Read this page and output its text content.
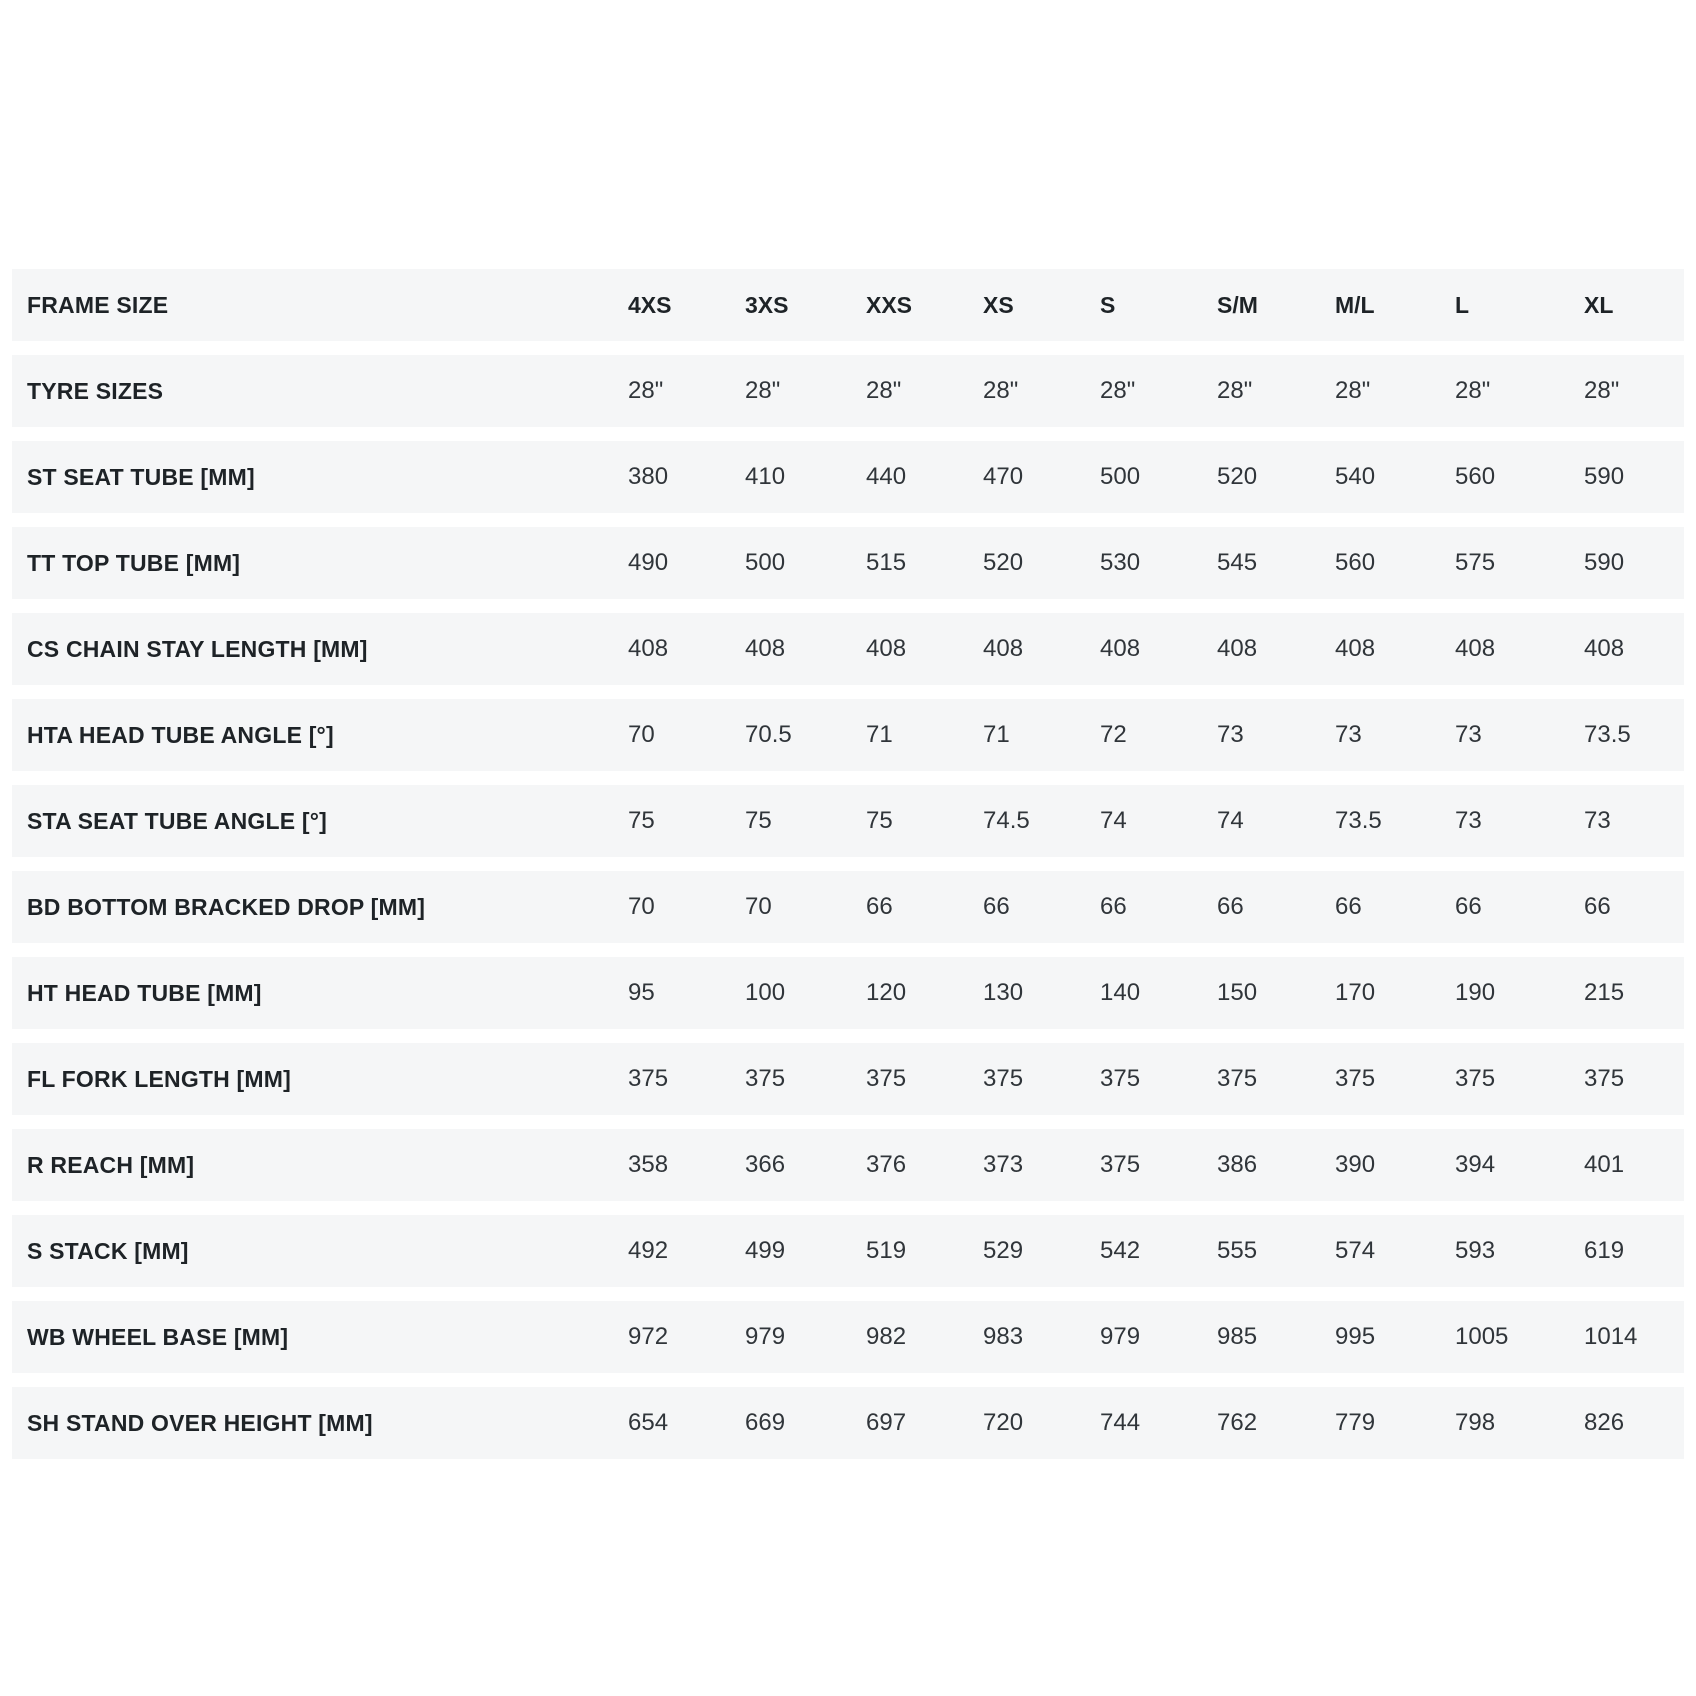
FRAME SIZE	4XS	3XS	XXS	XS	S	S/M	M/L	L	XL
TYRE SIZES	28"	28"	28"	28"	28"	28"	28"	28"	28"
ST SEAT TUBE [MM]	380	410	440	470	500	520	540	560	590
TT TOP TUBE [MM]	490	500	515	520	530	545	560	575	590
CS CHAIN STAY LENGTH [MM]	408	408	408	408	408	408	408	408	408
HTA HEAD TUBE ANGLE [°]	70	70.5	71	71	72	73	73	73	73.5
STA SEAT TUBE ANGLE [°]	75	75	75	74.5	74	74	73.5	73	73
BD BOTTOM BRACKED DROP [MM]	70	70	66	66	66	66	66	66	66
HT HEAD TUBE [MM]	95	100	120	130	140	150	170	190	215
FL FORK LENGTH [MM]	375	375	375	375	375	375	375	375	375
R REACH [MM]	358	366	376	373	375	386	390	394	401
S STACK [MM]	492	499	519	529	542	555	574	593	619
WB WHEEL BASE [MM]	972	979	982	983	979	985	995	1005	1014
SH STAND OVER HEIGHT [MM]	654	669	697	720	744	762	779	798	826
